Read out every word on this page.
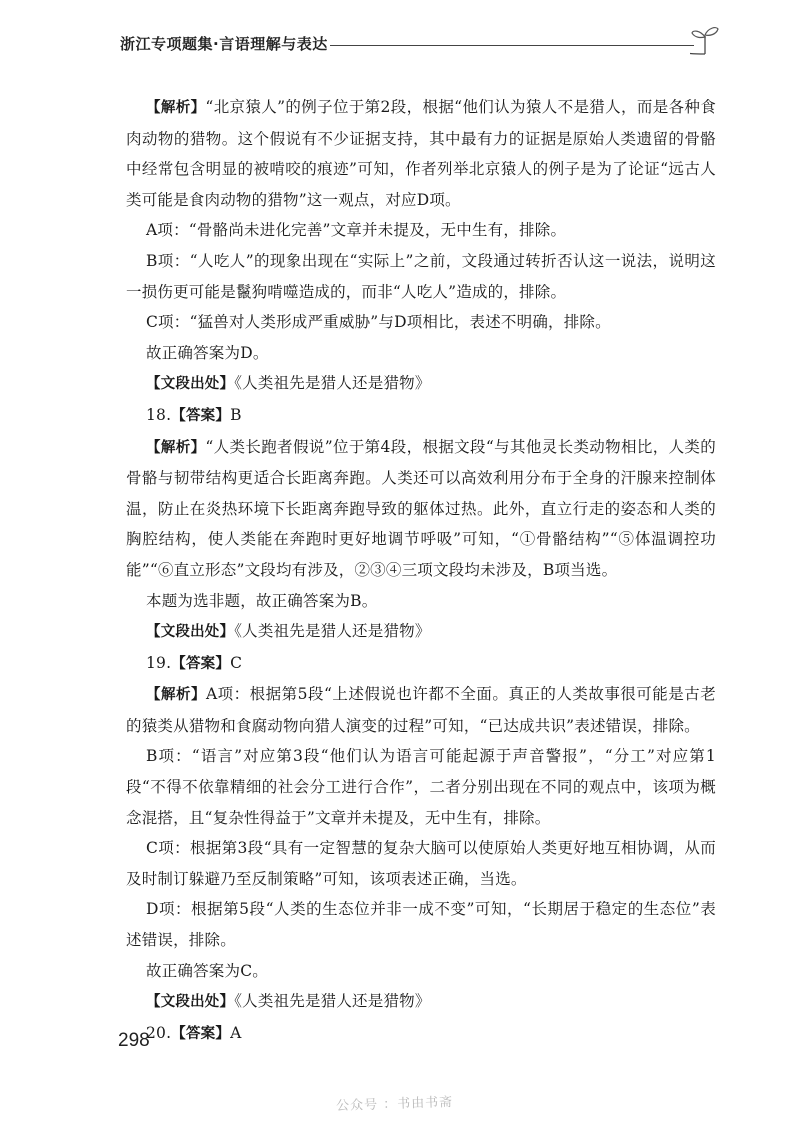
浙江专项题集·言语理解与表达

【解析】“北京猿人”的例子位于第2段，根据“他们认为猿人不是猎人，而是各种食肉动物的猎物。这个假说有不少证据支持，其中最有力的证据是原始人类遗留的骨骼中经常包含明显的被啃咬的痕迹”可知，作者列举北京猿人的例子是为了论证“远古人类可能是食肉动物的猎物”这一观点，对应D项。

A项：“骨骼尚未进化完善”文章并未提及，无中生有，排除。

B项：“人吃人”的现象出现在“实际上”之前，文段通过转折否认这一说法，说明这一损伤更可能是鬣狗啃噬造成的，而非“人吃人”造成的，排除。

C项：“猛兽对人类形成严重威胁”与D项相比，表述不明确，排除。

故正确答案为D。

【文段出处】《人类祖先是猎人还是猎物》

18.【答案】B

【解析】“人类长跑者假说”位于第4段，根据文段“与其他灵长类动物相比，人类的骨骼与韧带结构更适合长距离奔跑。人类还可以高效利用分布于全身的汗腺来控制体温，防止在炎热环境下长距离奔跑导致的躯体过热。此外，直立行走的姿态和人类的胸腔结构，使人类能在奔跑时更好地调节呼吸”可知，“①骨骼结构”“⑤体温调控功能”“⑥直立形态”文段均有涉及，②③④三项文段均未涉及，B项当选。

本题为选非题，故正确答案为B。

【文段出处】《人类祖先是猎人还是猎物》

19.【答案】C

【解析】A项：根据第5段“上述假说也许都不全面。真正的人类故事很可能是古老的猿类从猎物和食腐动物向猎人演变的过程”可知，“已达成共识”表述错误，排除。

B项：“语言”对应第3段“他们认为语言可能起源于声音警报”，“分工”对应第1段“不得不依靠精细的社会分工进行合作”，二者分别出现在不同的观点中，该项为概念混搭，且“复杂性得益于”文章并未提及，无中生有，排除。

C项：根据第3段“具有一定智慧的复杂大脑可以使原始人类更好地互相协调，从而及时制订躲避乃至反制策略”可知，该项表述正确，当选。

D项：根据第5段“人类的生态位并非一成不变”可知，“长期居于稳定的生态位”表述错误，排除。

故正确答案为C。

【文段出处】《人类祖先是猎人还是猎物》

20.【答案】A

298
公众号 ：书由书斋
